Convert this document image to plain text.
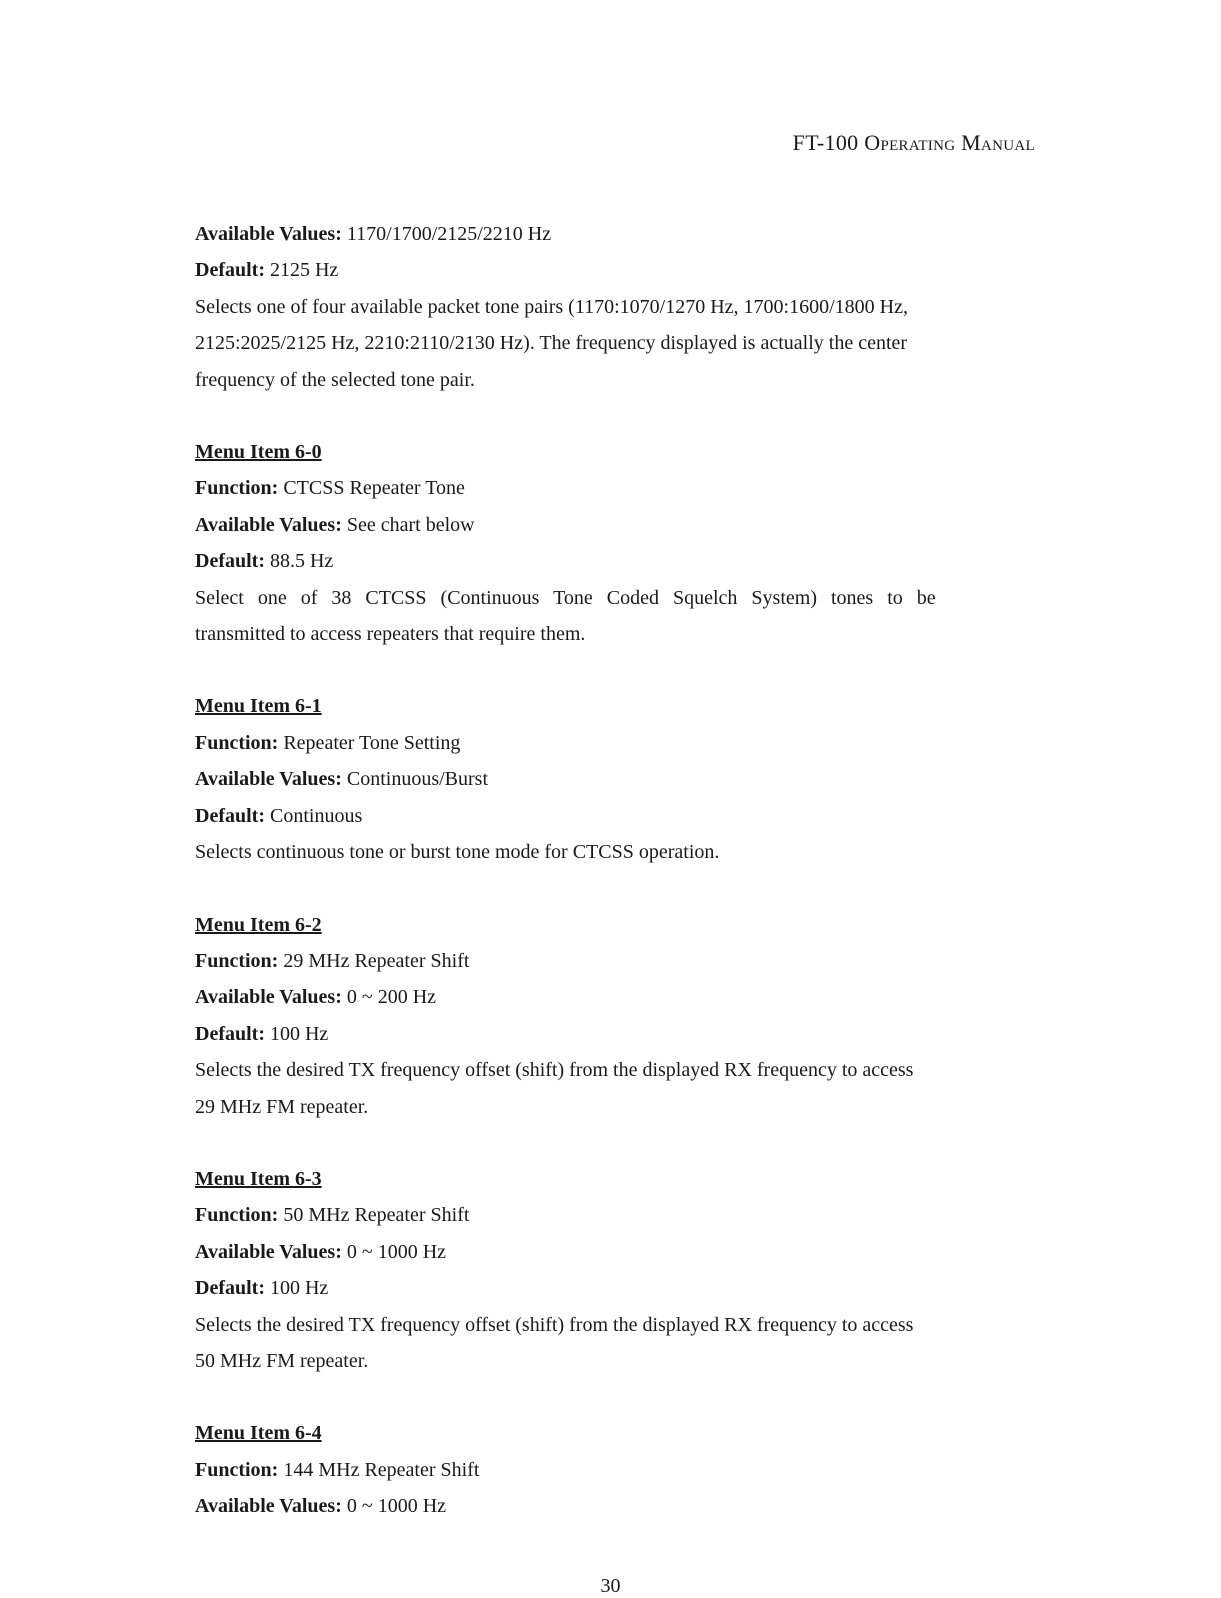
FT-100 Operating Manual

Available Values: 1170/1700/2125/2210 Hz

Default: 2125 Hz

Selects one of four available packet tone pairs (1170:1070/1270 Hz, 1700:1600/1800 Hz,

2125:2025/2125 Hz, 2210:2110/2130 Hz). The frequency displayed is actually the center

frequency of the selected tone pair.

Menu Item 6-0

Function: CTCSS Repeater Tone

Available Values: See chart below

Default: 88.5 Hz

Select one of 38 CTCSS (Continuous Tone Coded Squelch System) tones to be

transmitted to access repeaters that require them.

Menu Item 6-1

Function: Repeater Tone Setting

Available Values: Continuous/Burst

Default: Continuous

Selects continuous tone or burst tone mode for CTCSS operation.

Menu Item 6-2

Function: 29 MHz Repeater Shift

Available Values: 0 ~ 200 Hz

Default: 100 Hz

Selects the desired TX frequency offset (shift) from the displayed RX frequency to access

29 MHz FM repeater.

Menu Item 6-3

Function: 50 MHz Repeater Shift

Available Values: 0 ~ 1000 Hz

Default: 100 Hz

Selects the desired TX frequency offset (shift) from the displayed RX frequency to access

50 MHz FM repeater.

Menu Item 6-4

Function: 144 MHz Repeater Shift

Available Values: 0 ~ 1000 Hz

30
